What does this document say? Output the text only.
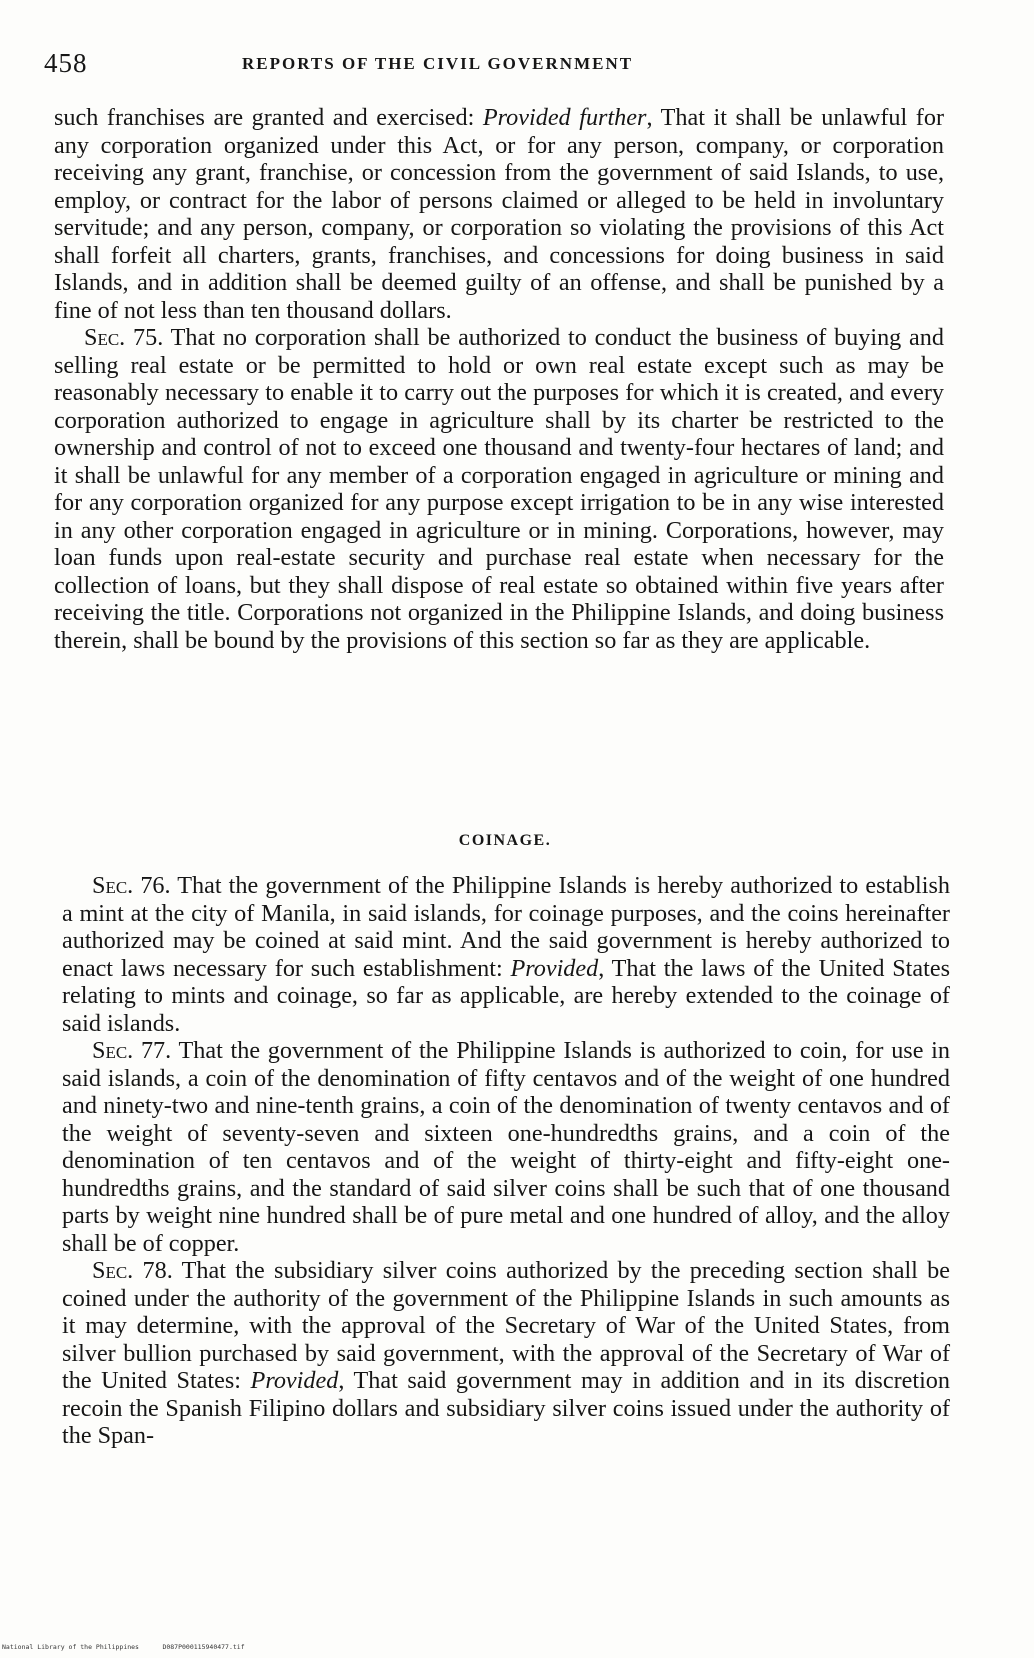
458	REPORTS OF THE CIVIL GOVERNMENT

such franchises are granted and exercised: Provided further, That it shall be unlawful for any corporation organized under this Act, or for any person, company, or corporation receiving any grant, franchise, or concession from the government of said Islands, to use, employ, or contract for the labor of persons claimed or alleged to be held in involuntary servitude; and any person, company, or corporation so violating the provisions of this Act shall forfeit all charters, grants, franchises, and concessions for doing business in said Islands, and in addition shall be deemed guilty of an offense, and shall be punished by a fine of not less than ten thousand dollars.

Sec. 75. That no corporation shall be authorized to conduct the business of buying and selling real estate or be permitted to hold or own real estate except such as may be reasonably necessary to enable it to carry out the purposes for which it is created, and every corporation authorized to engage in agriculture shall by its charter be restricted to the ownership and control of not to exceed one thousand and twenty-four hectares of land; and it shall be unlawful for any member of a corporation engaged in agriculture or mining and for any corporation organized for any purpose except irrigation to be in any wise interested in any other corporation engaged in agriculture or in mining. Corporations, however, may loan funds upon real-estate security and purchase real estate when necessary for the collection of loans, but they shall dispose of real estate so obtained within five years after receiving the title. Corporations not organized in the Philippine Islands, and doing business therein, shall be bound by the provisions of this section so far as they are applicable.

COINAGE.

Sec. 76. That the government of the Philippine Islands is hereby authorized to establish a mint at the city of Manila, in said islands, for coinage purposes, and the coins hereinafter authorized may be coined at said mint. And the said government is hereby authorized to enact laws necessary for such establishment: Provided, That the laws of the United States relating to mints and coinage, so far as applicable, are hereby extended to the coinage of said islands.

Sec. 77. That the government of the Philippine Islands is authorized to coin, for use in said islands, a coin of the denomination of fifty centavos and of the weight of one hundred and ninety-two and nine-tenth grains, a coin of the denomination of twenty centavos and of the weight of seventy-seven and sixteen one-hundredths grains, and a coin of the denomination of ten centavos and of the weight of thirty-eight and fifty-eight one-hundredths grains, and the standard of said silver coins shall be such that of one thousand parts by weight nine hundred shall be of pure metal and one hundred of alloy, and the alloy shall be of copper.

Sec. 78. That the subsidiary silver coins authorized by the preceding section shall be coined under the authority of the government of the Philippine Islands in such amounts as it may determine, with the approval of the Secretary of War of the United States, from silver bullion purchased by said government, with the approval of the Secretary of War of the United States: Provided, That said government may in addition and in its discretion recoin the Spanish Filipino dollars and subsidiary silver coins issued under the authority of the Span-

National Library of the Philippines      D087P000115940477.tif
